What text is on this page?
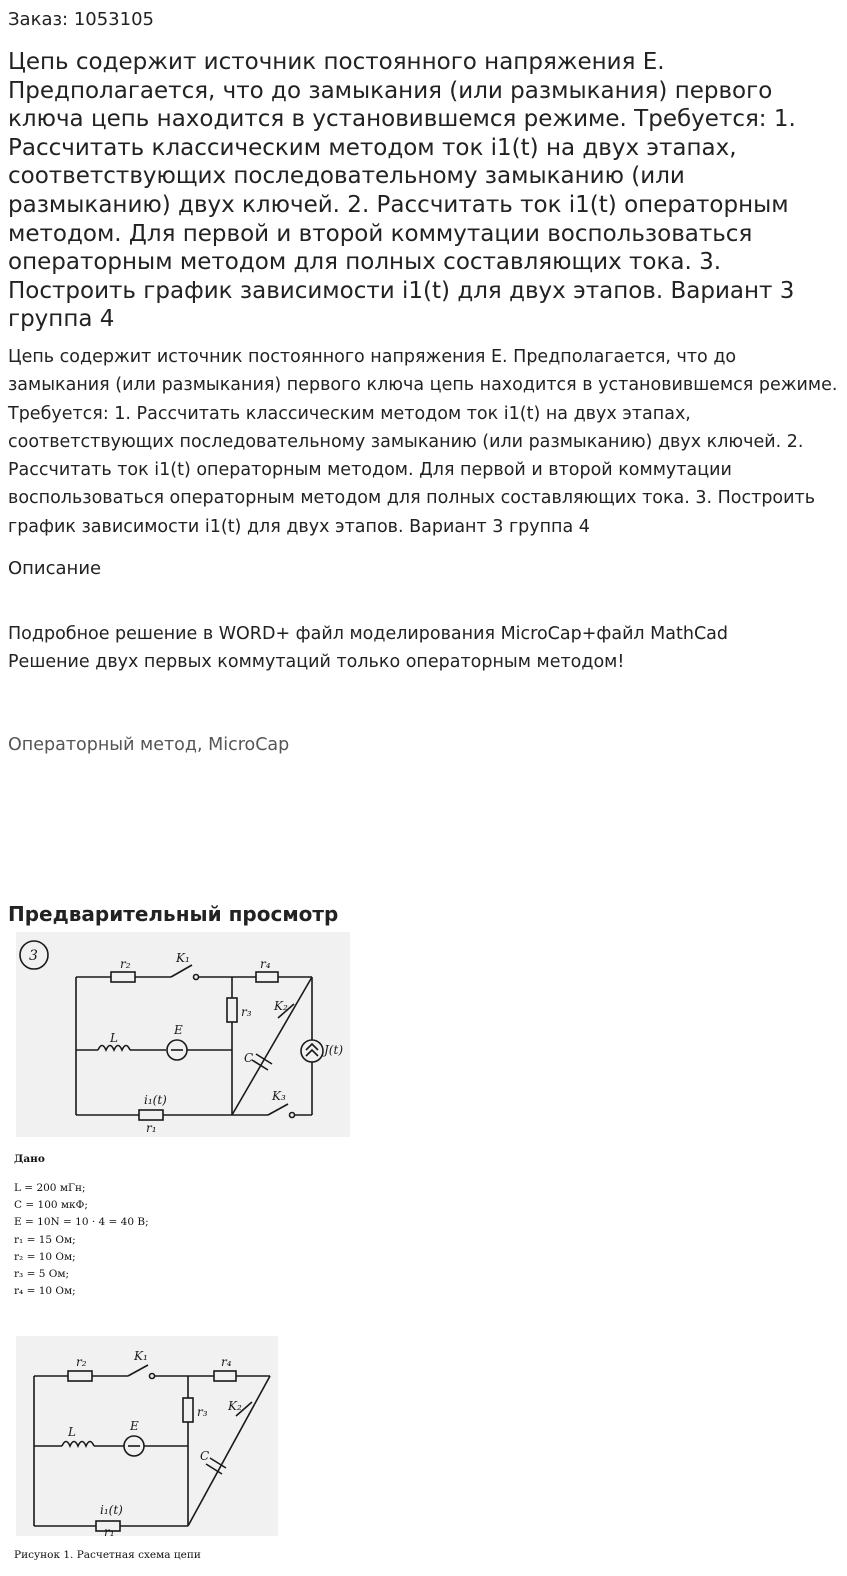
Заказ: 1053105
Цепь содержит источник постоянного напряжения E. Предполагается, что до замыкания (или размыкания) первого ключа цепь находится в установившемся режиме. Требуется: 1. Рассчитать классическим методом ток i1(t) на двух этапах, соответствующих последовательному замыканию (или размыканию) двух ключей. 2. Рассчитать ток i1(t) операторным методом. Для первой и второй коммутации воспользоваться операторным методом для полных составляющих тока. 3. Построить график зависимости i1(t) для двух этапов. Вариант 3 группа 4
Цепь содержит источник постоянного напряжения E. Предполагается, что до замыкания (или размыкания) первого ключа цепь находится в установившемся режиме. Требуется: 1. Рассчитать классическим методом ток i1(t) на двух этапах, соответствующих последовательному замыканию (или размыканию) двух ключей. 2. Рассчитать ток i1(t) операторным методом. Для первой и второй коммутации воспользоваться операторным методом для полных составляющих тока. 3. Построить график зависимости i1(t) для двух этапов. Вариант 3 группа 4
Описание
Подробное решение в WORD+ файл моделирования MicroCap+файл MathCad
Решение двух первых коммутаций только операторным методом!
Операторный метод, MicroCap
Предварительный просмотр
3	r₂	K₁	r₄
r₃ K₂
L
E
C
J(t)
i₁(t)
r₁
K₃
Дано
L = 200 мГн;
C = 100 мкФ;
E = 10N = 10 · 4 = 40 В;
r₁ = 15 Ом;
r₂ = 10 Ом;
r₃ = 5 Ом;
r₄ = 10 Ом;
r₂	K₁	r₄
r₃ K₂
L	E
C
i₁(t)
r₁
Рисунок 1. Расчетная схема цепи
